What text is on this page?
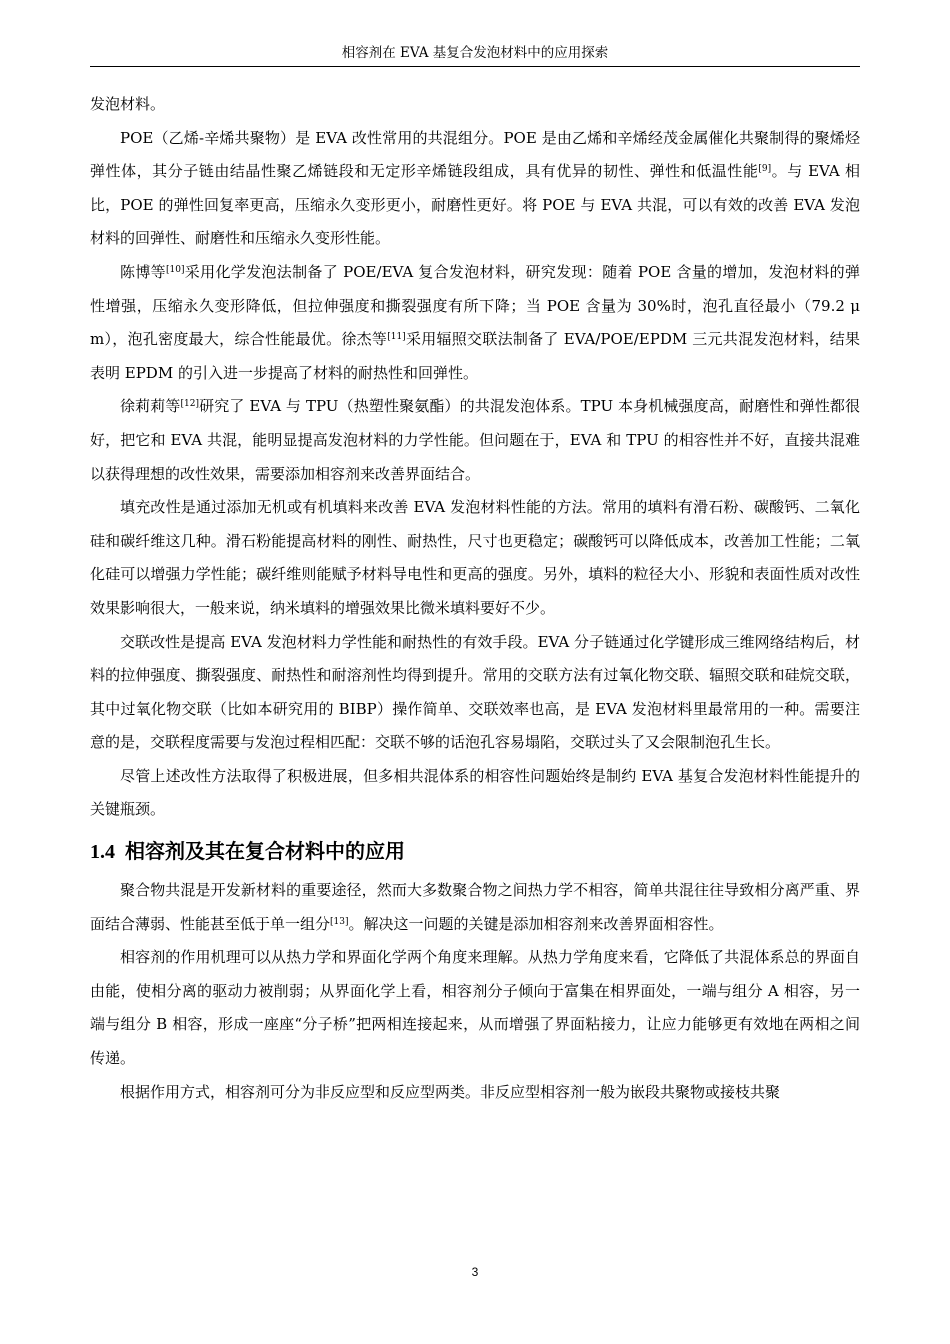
相容剂在 EVA 基复合发泡材料中的应用探索

发泡材料。

POE（乙烯-辛烯共聚物）是 EVA 改性常用的共混组分。POE 是由乙烯和辛烯经茂金属催化共聚制得的聚烯烃弹性体，其分子链由结晶性聚乙烯链段和无定形辛烯链段组成，具有优异的韧性、弹性和低温性能[9]。与 EVA 相比，POE 的弹性回复率更高，压缩永久变形更小，耐磨性更好。将 POE 与 EVA 共混，可以有效的改善 EVA 发泡材料的回弹性、耐磨性和压缩永久变形性能。

陈博等[10]采用化学发泡法制备了 POE/EVA 复合发泡材料，研究发现：随着 POE 含量的增加，发泡材料的弹性增强，压缩永久变形降低，但拉伸强度和撕裂强度有所下降；当 POE 含量为 30%时，泡孔直径最小（79.2 μ m），泡孔密度最大，综合性能最优。徐杰等[11]采用辐照交联法制备了 EVA/POE/EPDM 三元共混发泡材料，结果表明 EPDM 的引入进一步提高了材料的耐热性和回弹性。

徐莉莉等[12]研究了 EVA 与 TPU（热塑性聚氨酯）的共混发泡体系。TPU 本身机械强度高，耐磨性和弹性都很好，把它和 EVA 共混，能明显提高发泡材料的力学性能。但问题在于，EVA 和 TPU 的相容性并不好，直接共混难以获得理想的改性效果，需要添加相容剂来改善界面结合。

填充改性是通过添加无机或有机填料来改善 EVA 发泡材料性能的方法。常用的填料有滑石粉、碳酸钙、二氧化硅和碳纤维这几种。滑石粉能提高材料的刚性、耐热性，尺寸也更稳定；碳酸钙可以降低成本，改善加工性能；二氧化硅可以增强力学性能；碳纤维则能赋予材料导电性和更高的强度。另外，填料的粒径大小、形貌和表面性质对改性效果影响很大，一般来说，纳米填料的增强效果比微米填料要好不少。

交联改性是提高 EVA 发泡材料力学性能和耐热性的有效手段。EVA 分子链通过化学键形成三维网络结构后，材料的拉伸强度、撕裂强度、耐热性和耐溶剂性均得到提升。常用的交联方法有过氧化物交联、辐照交联和硅烷交联，其中过氧化物交联（比如本研究用的 BIBP）操作简单、交联效率也高，是 EVA 发泡材料里最常用的一种。需要注意的是，交联程度需要与发泡过程相匹配：交联不够的话泡孔容易塌陷，交联过头了又会限制泡孔生长。

尽管上述改性方法取得了积极进展，但多相共混体系的相容性问题始终是制约 EVA 基复合发泡材料性能提升的关键瓶颈。

1.4 相容剂及其在复合材料中的应用

聚合物共混是开发新材料的重要途径，然而大多数聚合物之间热力学不相容，简单共混往往导致相分离严重、界面结合薄弱、性能甚至低于单一组分[13]。解决这一问题的关键是添加相容剂来改善界面相容性。

相容剂的作用机理可以从热力学和界面化学两个角度来理解。从热力学角度来看，它降低了共混体系总的界面自由能，使相分离的驱动力被削弱；从界面化学上看，相容剂分子倾向于富集在相界面处，一端与组分 A 相容，另一端与组分 B 相容，形成一座座“分子桥”把两相连接起来，从而增强了界面粘接力，让应力能够更有效地在两相之间传递。

根据作用方式，相容剂可分为非反应型和反应型两类。非反应型相容剂一般为嵌段共聚物或接枝共聚

3
